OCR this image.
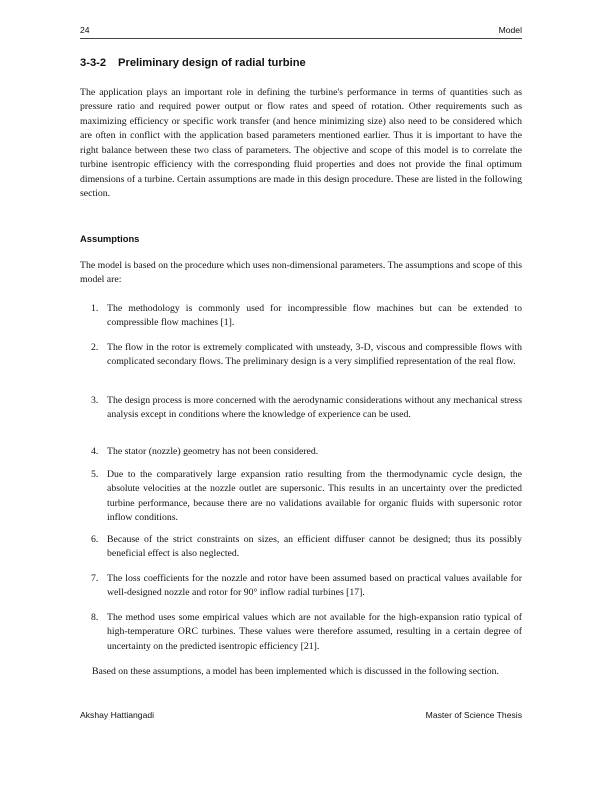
24	Model
3-3-2 Preliminary design of radial turbine

The application plays an important role in defining the turbine's performance in terms of quantities such as pressure ratio and required power output or flow rates and speed of rotation. Other requirements such as maximizing efficiency or specific work transfer (and hence minimizing size) also need to be considered which are often in conflict with the application based parameters mentioned earlier. Thus it is important to have the right balance between these two class of parameters. The objective and scope of this model is to correlate the turbine isentropic efficiency with the corresponding fluid properties and does not provide the final optimum dimensions of a turbine. Certain assumptions are made in this design procedure. These are listed in the following section.

Assumptions

The model is based on the procedure which uses non-dimensional parameters. The assumptions and scope of this model are:

1. The methodology is commonly used for incompressible flow machines but can be extended to compressible flow machines [1].
2. The flow in the rotor is extremely complicated with unsteady, 3-D, viscous and compressible flows with complicated secondary flows. The preliminary design is a very simplified representation of the real flow.
3. The design process is more concerned with the aerodynamic considerations without any mechanical stress analysis except in conditions where the knowledge of experience can be used.
4. The stator (nozzle) geometry has not been considered.
5. Due to the comparatively large expansion ratio resulting from the thermodynamic cycle design, the absolute velocities at the nozzle outlet are supersonic. This results in an uncertainty over the predicted turbine performance, because there are no validations available for organic fluids with supersonic rotor inflow conditions.
6. Because of the strict constraints on sizes, an efficient diffuser cannot be designed; thus its possibly beneficial effect is also neglected.
7. The loss coefficients for the nozzle and rotor have been assumed based on practical values available for well-designed nozzle and rotor for 90° inflow radial turbines [17].
8. The method uses some empirical values which are not available for the high-expansion ratio typical of high-temperature ORC turbines. These values were therefore assumed, resulting in a certain degree of uncertainty on the predicted isentropic efficiency [21].

Based on these assumptions, a model has been implemented which is discussed in the following section.

Akshay Hattiangadi	Master of Science Thesis
